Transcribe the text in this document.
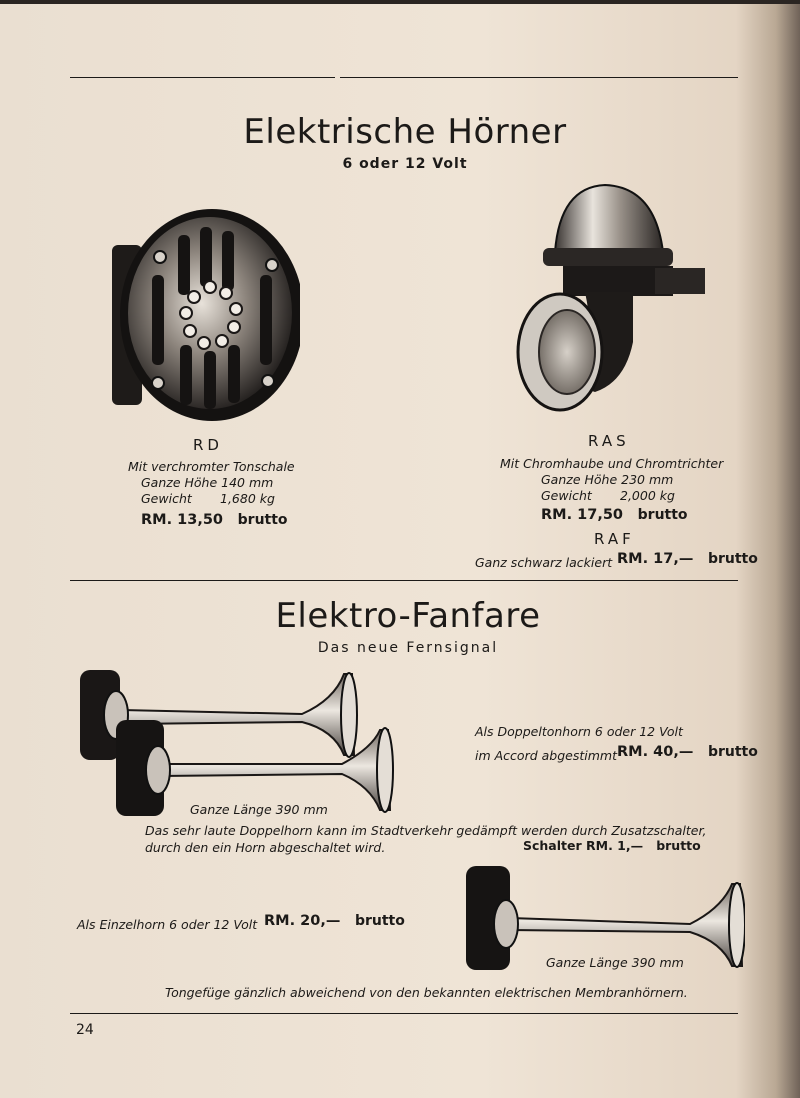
Elektrische Hörner
6 oder 12 Volt
RD
Mit verchromter Tonschale
Ganze Höhe 140 mm
Gewicht 1,680 kg
RM. 13,50 brutto
RAS
Mit Chromhaube und Chromtrichter
Ganze Höhe 230 mm
Gewicht 2,000 kg
RM. 17,50 brutto
RAF
Ganz schwarz lackiert RM. 17,— brutto
Elektro-Fanfare
Das neue Fernsignal
Als Doppeltonhorn 6 oder 12 Volt
im Accord abgestimmt RM. 40,— brutto
Ganze Länge 390 mm
Das sehr laute Doppelhorn kann im Stadtverkehr gedämpft werden durch Zusatzschalter,
durch den ein Horn abgeschaltet wird.	Schalter RM. 1,— brutto
Als Einzelhorn 6 oder 12 Volt RM. 20,— brutto
Ganze Länge 390 mm
Tongefüge gänzlich abweichend von den bekannten elektrischen Membranhörnern.
24
